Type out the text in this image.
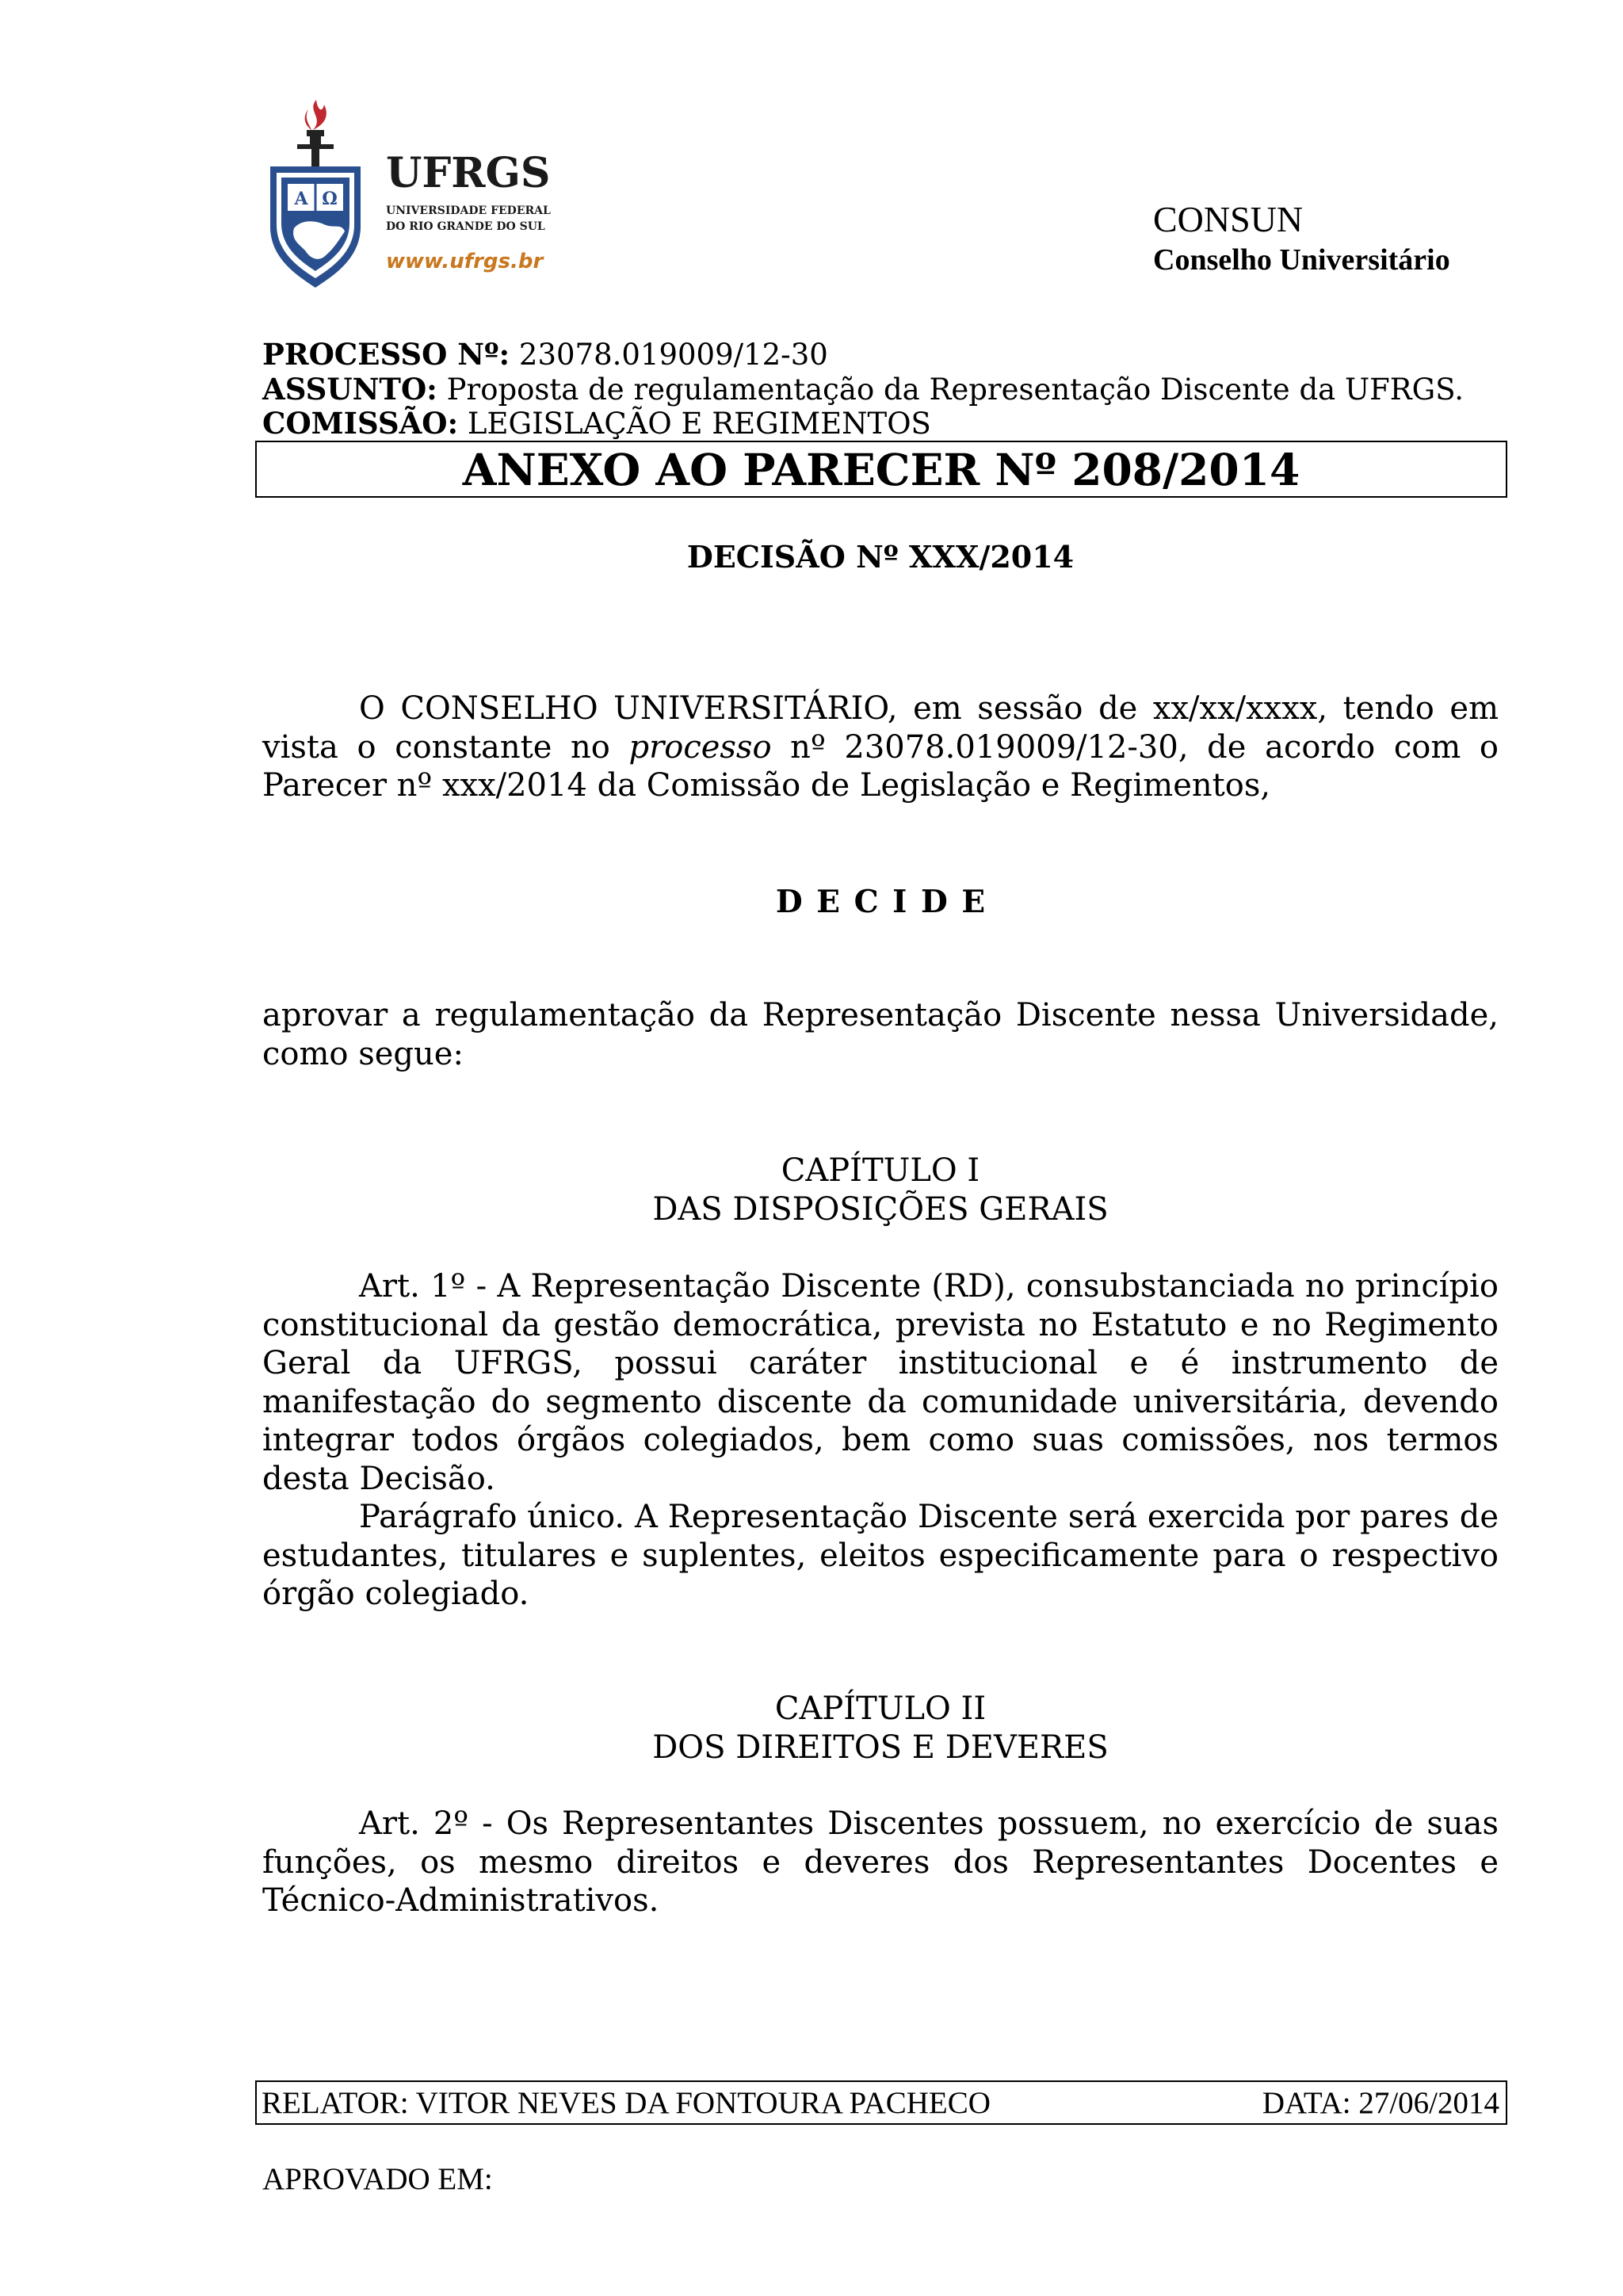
Α Ω
UFRGS
UNIVERSIDADE FEDERAL
DO RIO GRANDE DO SUL
www.ufrgs.br
CONSUN
Conselho Universitário
PROCESSO Nº: 23078.019009/12-30
ASSUNTO: Proposta de regulamentação da Representação Discente da UFRGS.
COMISSÃO: LEGISLAÇÃO E REGIMENTOS
ANEXO AO PARECER Nº 208/2014
DECISÃO Nº XXX/2014
O CONSELHO UNIVERSITÁRIO, em sessão de xx/xx/xxxx, tendo em vista o constante no processo nº 23078.019009/12-30, de acordo com o Parecer nº xxx/2014 da Comissão de Legislação e Regimentos,
DECIDE
aprovar a regulamentação da Representação Discente nessa Universidade, como segue:
CAPÍTULO I
DAS DISPOSIÇÕES GERAIS
Art. 1º - A Representação Discente (RD), consubstanciada no princípio constitucional da gestão democrática, prevista no Estatuto e no Regimento Geral da UFRGS, possui caráter institucional e é instrumento de manifestação do segmento discente da comunidade universitária, devendo integrar todos órgãos colegiados, bem como suas comissões, nos termos desta Decisão.
Parágrafo único. A Representação Discente será exercida por pares de estudantes, titulares e suplentes, eleitos especificamente para o respectivo órgão colegiado.
CAPÍTULO II
DOS DIREITOS E DEVERES
Art. 2º - Os Representantes Discentes possuem, no exercício de suas funções, os mesmo direitos e deveres dos Representantes Docentes e Técnico-Administrativos.
RELATOR: VITOR NEVES DA FONTOURA PACHECO	DATA: 27/06/2014
APROVADO EM:
